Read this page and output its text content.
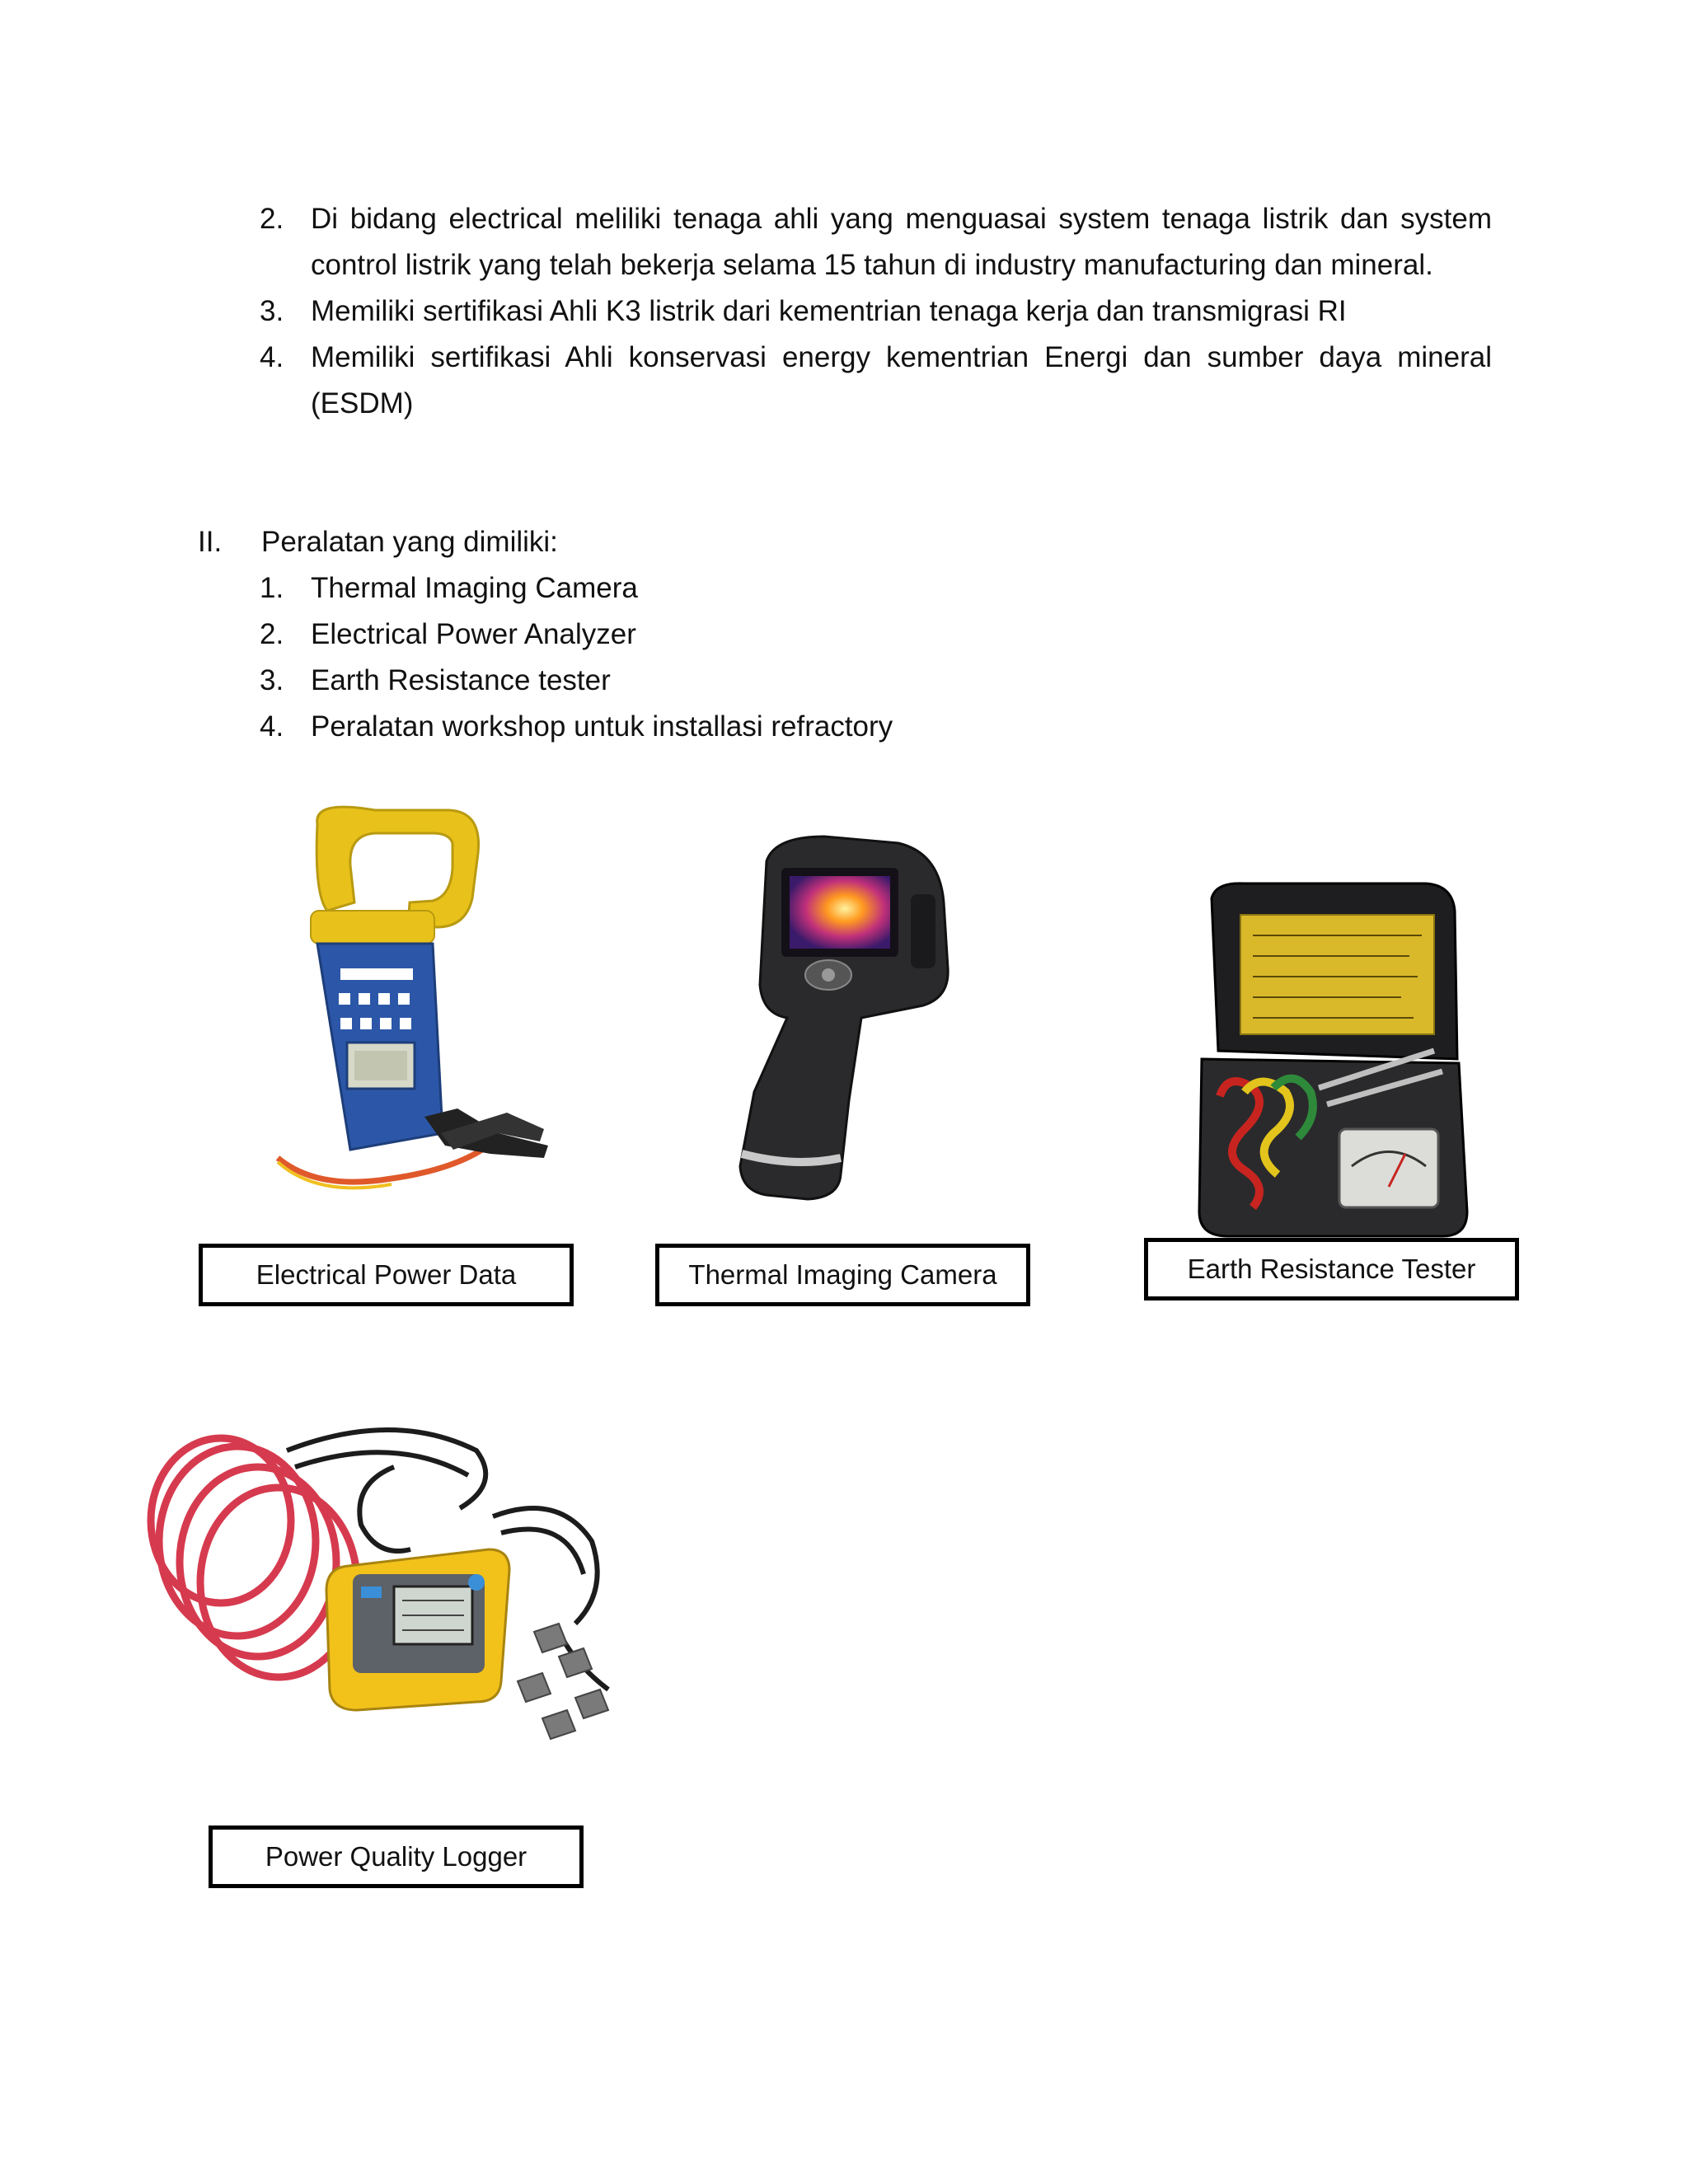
2. Di bidang electrical meliliki tenaga ahli yang menguasai system tenaga listrik dan system control listrik yang telah bekerja selama 15 tahun di industry manufacturing dan mineral.
3. Memiliki sertifikasi Ahli K3 listrik dari kementrian tenaga kerja dan transmigrasi RI
4. Memiliki sertifikasi Ahli konservasi energy kementrian Energi dan sumber daya mineral (ESDM)
II. Peralatan yang dimiliki:
1. Thermal Imaging Camera
2. Electrical Power Analyzer
3. Earth Resistance tester
4. Peralatan workshop untuk installasi refractory
Electrical Power Data	Thermal Imaging Camera	Earth Resistance Tester
Power Quality Logger
